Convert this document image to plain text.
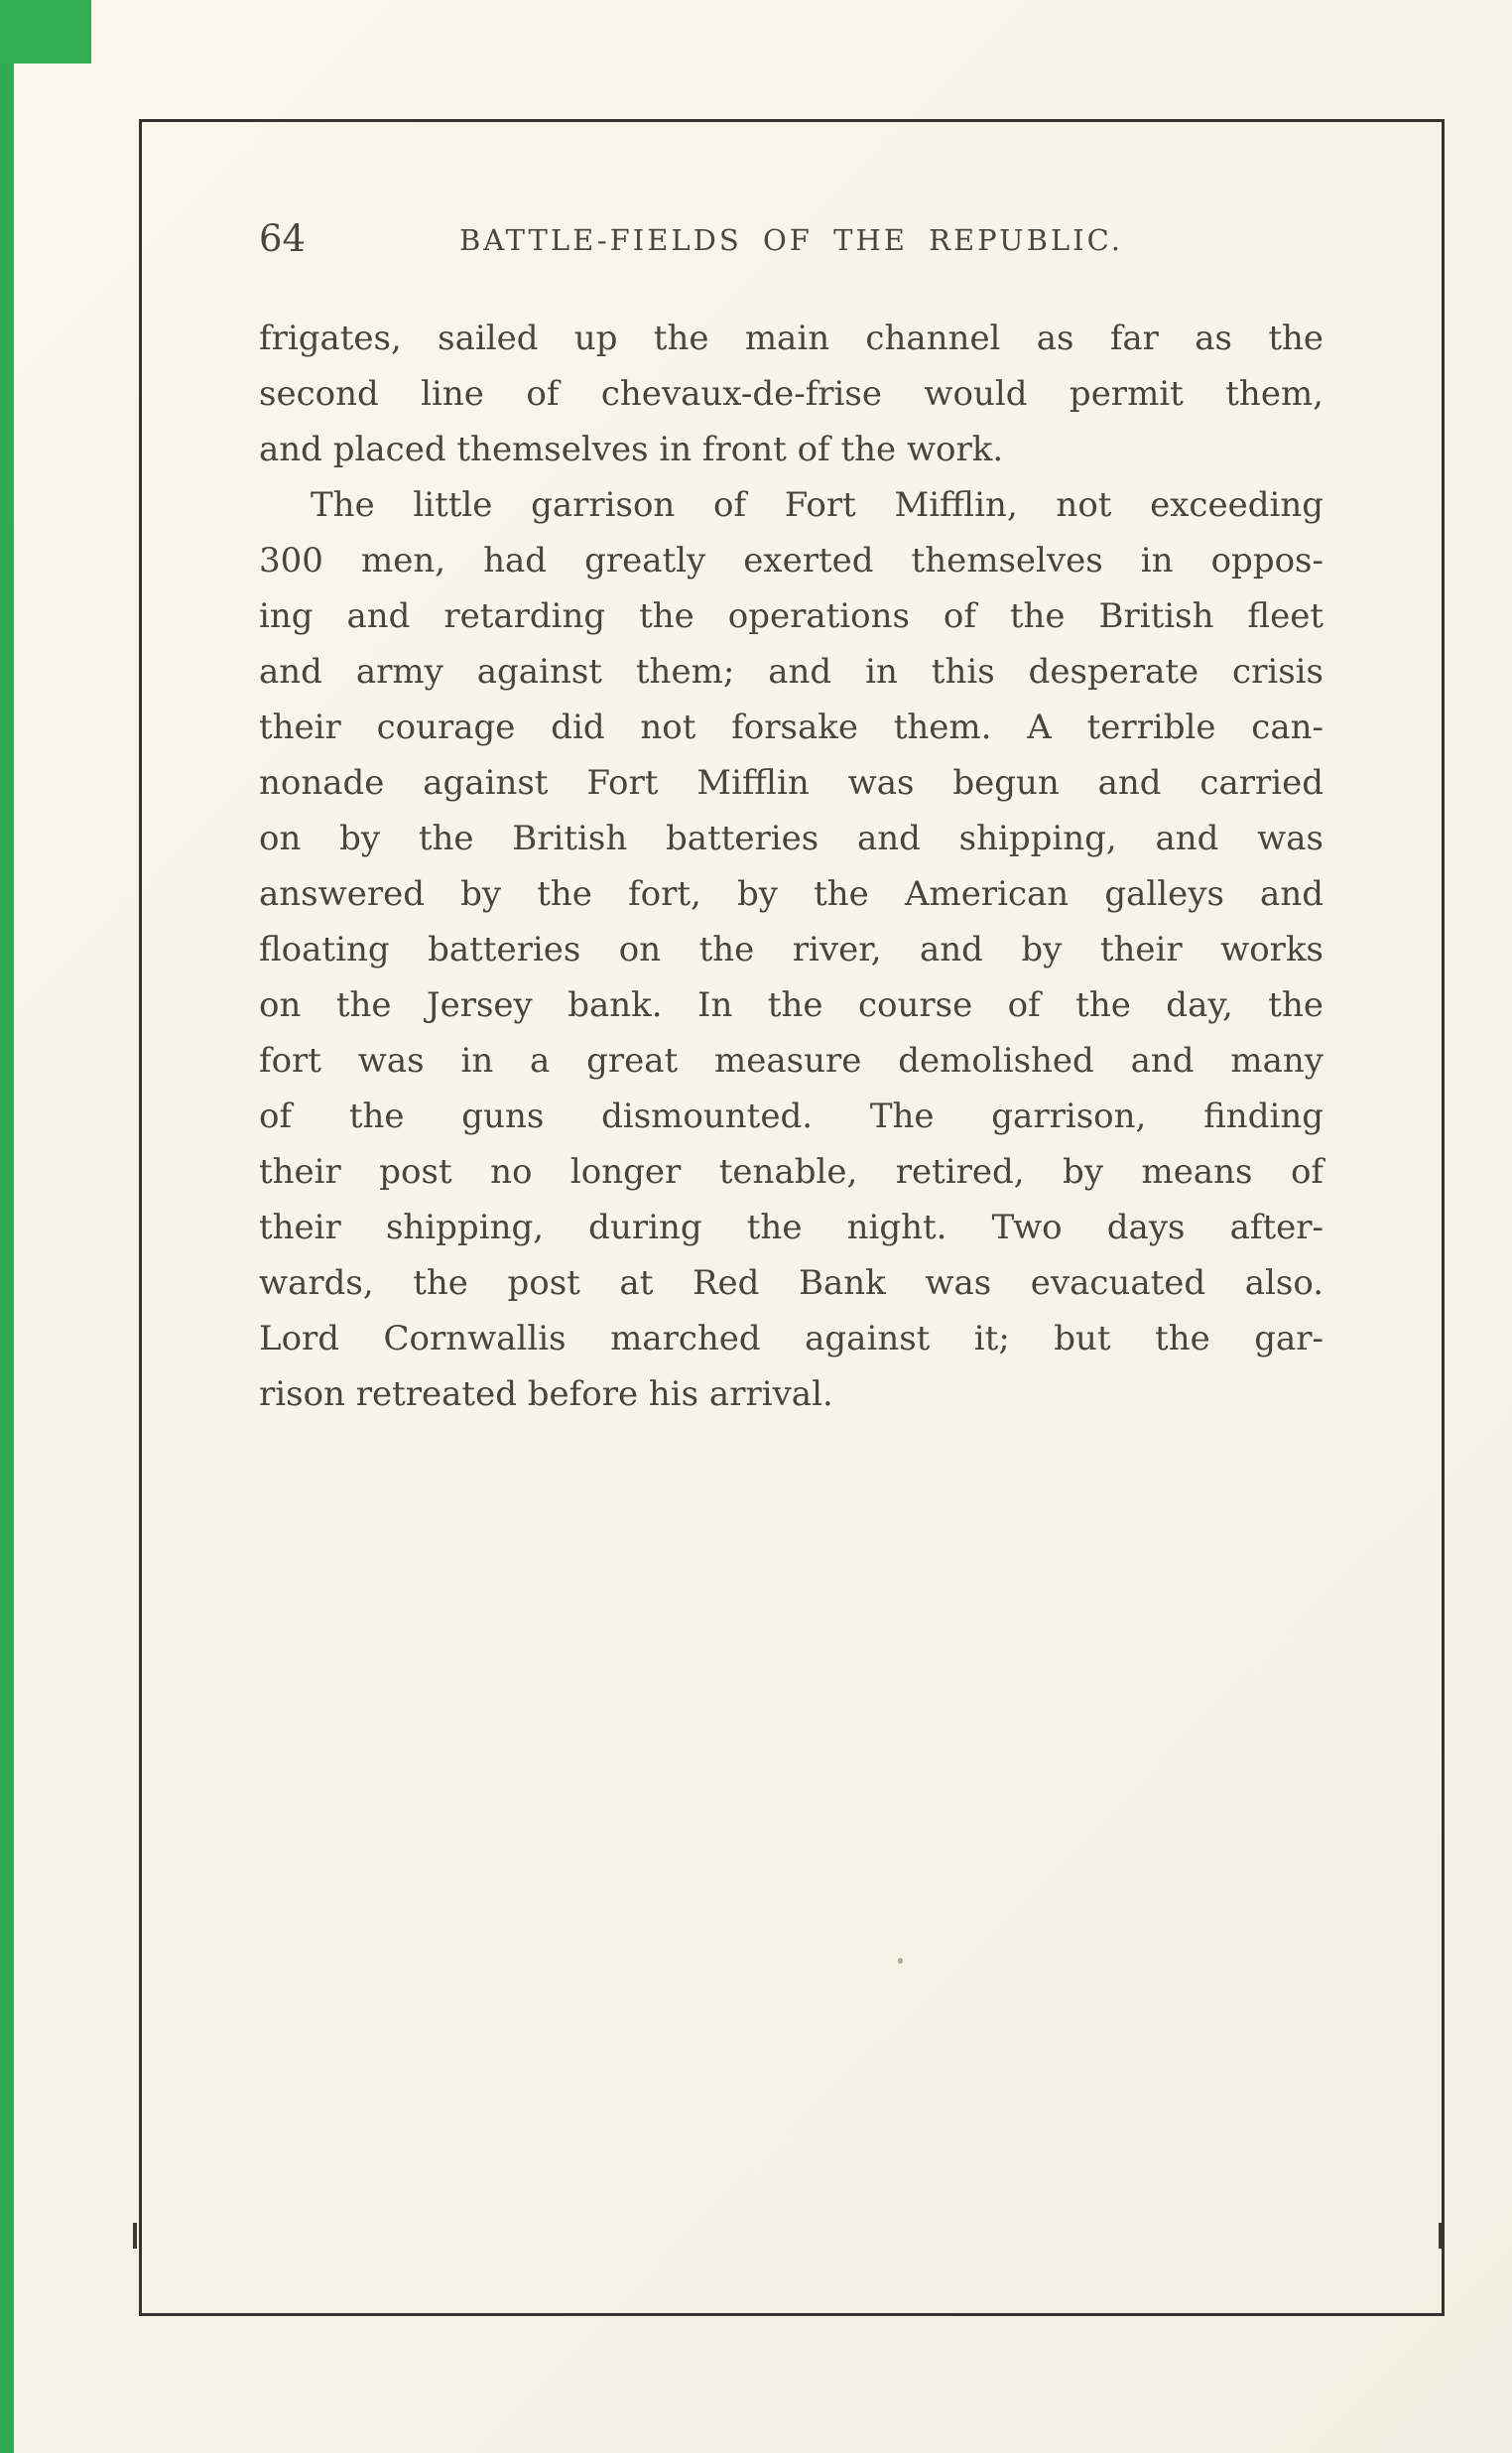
64	BATTLE-FIELDS OF THE REPUBLIC.
frigates, sailed up the main channel as far as the
second line of chevaux-de-frise would permit them,
and placed themselves in front of the work.
The little garrison of Fort Mifflin, not exceeding
300 men, had greatly exerted themselves in oppos-
ing and retarding the operations of the British fleet
and army against them; and in this desperate crisis
their courage did not forsake them. A terrible can-
nonade against Fort Mifflin was begun and carried
on by the British batteries and shipping, and was
answered by the fort, by the American galleys and
floating batteries on the river, and by their works
on the Jersey bank. In the course of the day, the
fort was in a great measure demolished and many
of the guns dismounted. The garrison, finding
their post no longer tenable, retired, by means of
their shipping, during the night. Two days after-
wards, the post at Red Bank was evacuated also.
Lord Cornwallis marched against it; but the gar-
rison retreated before his arrival.
